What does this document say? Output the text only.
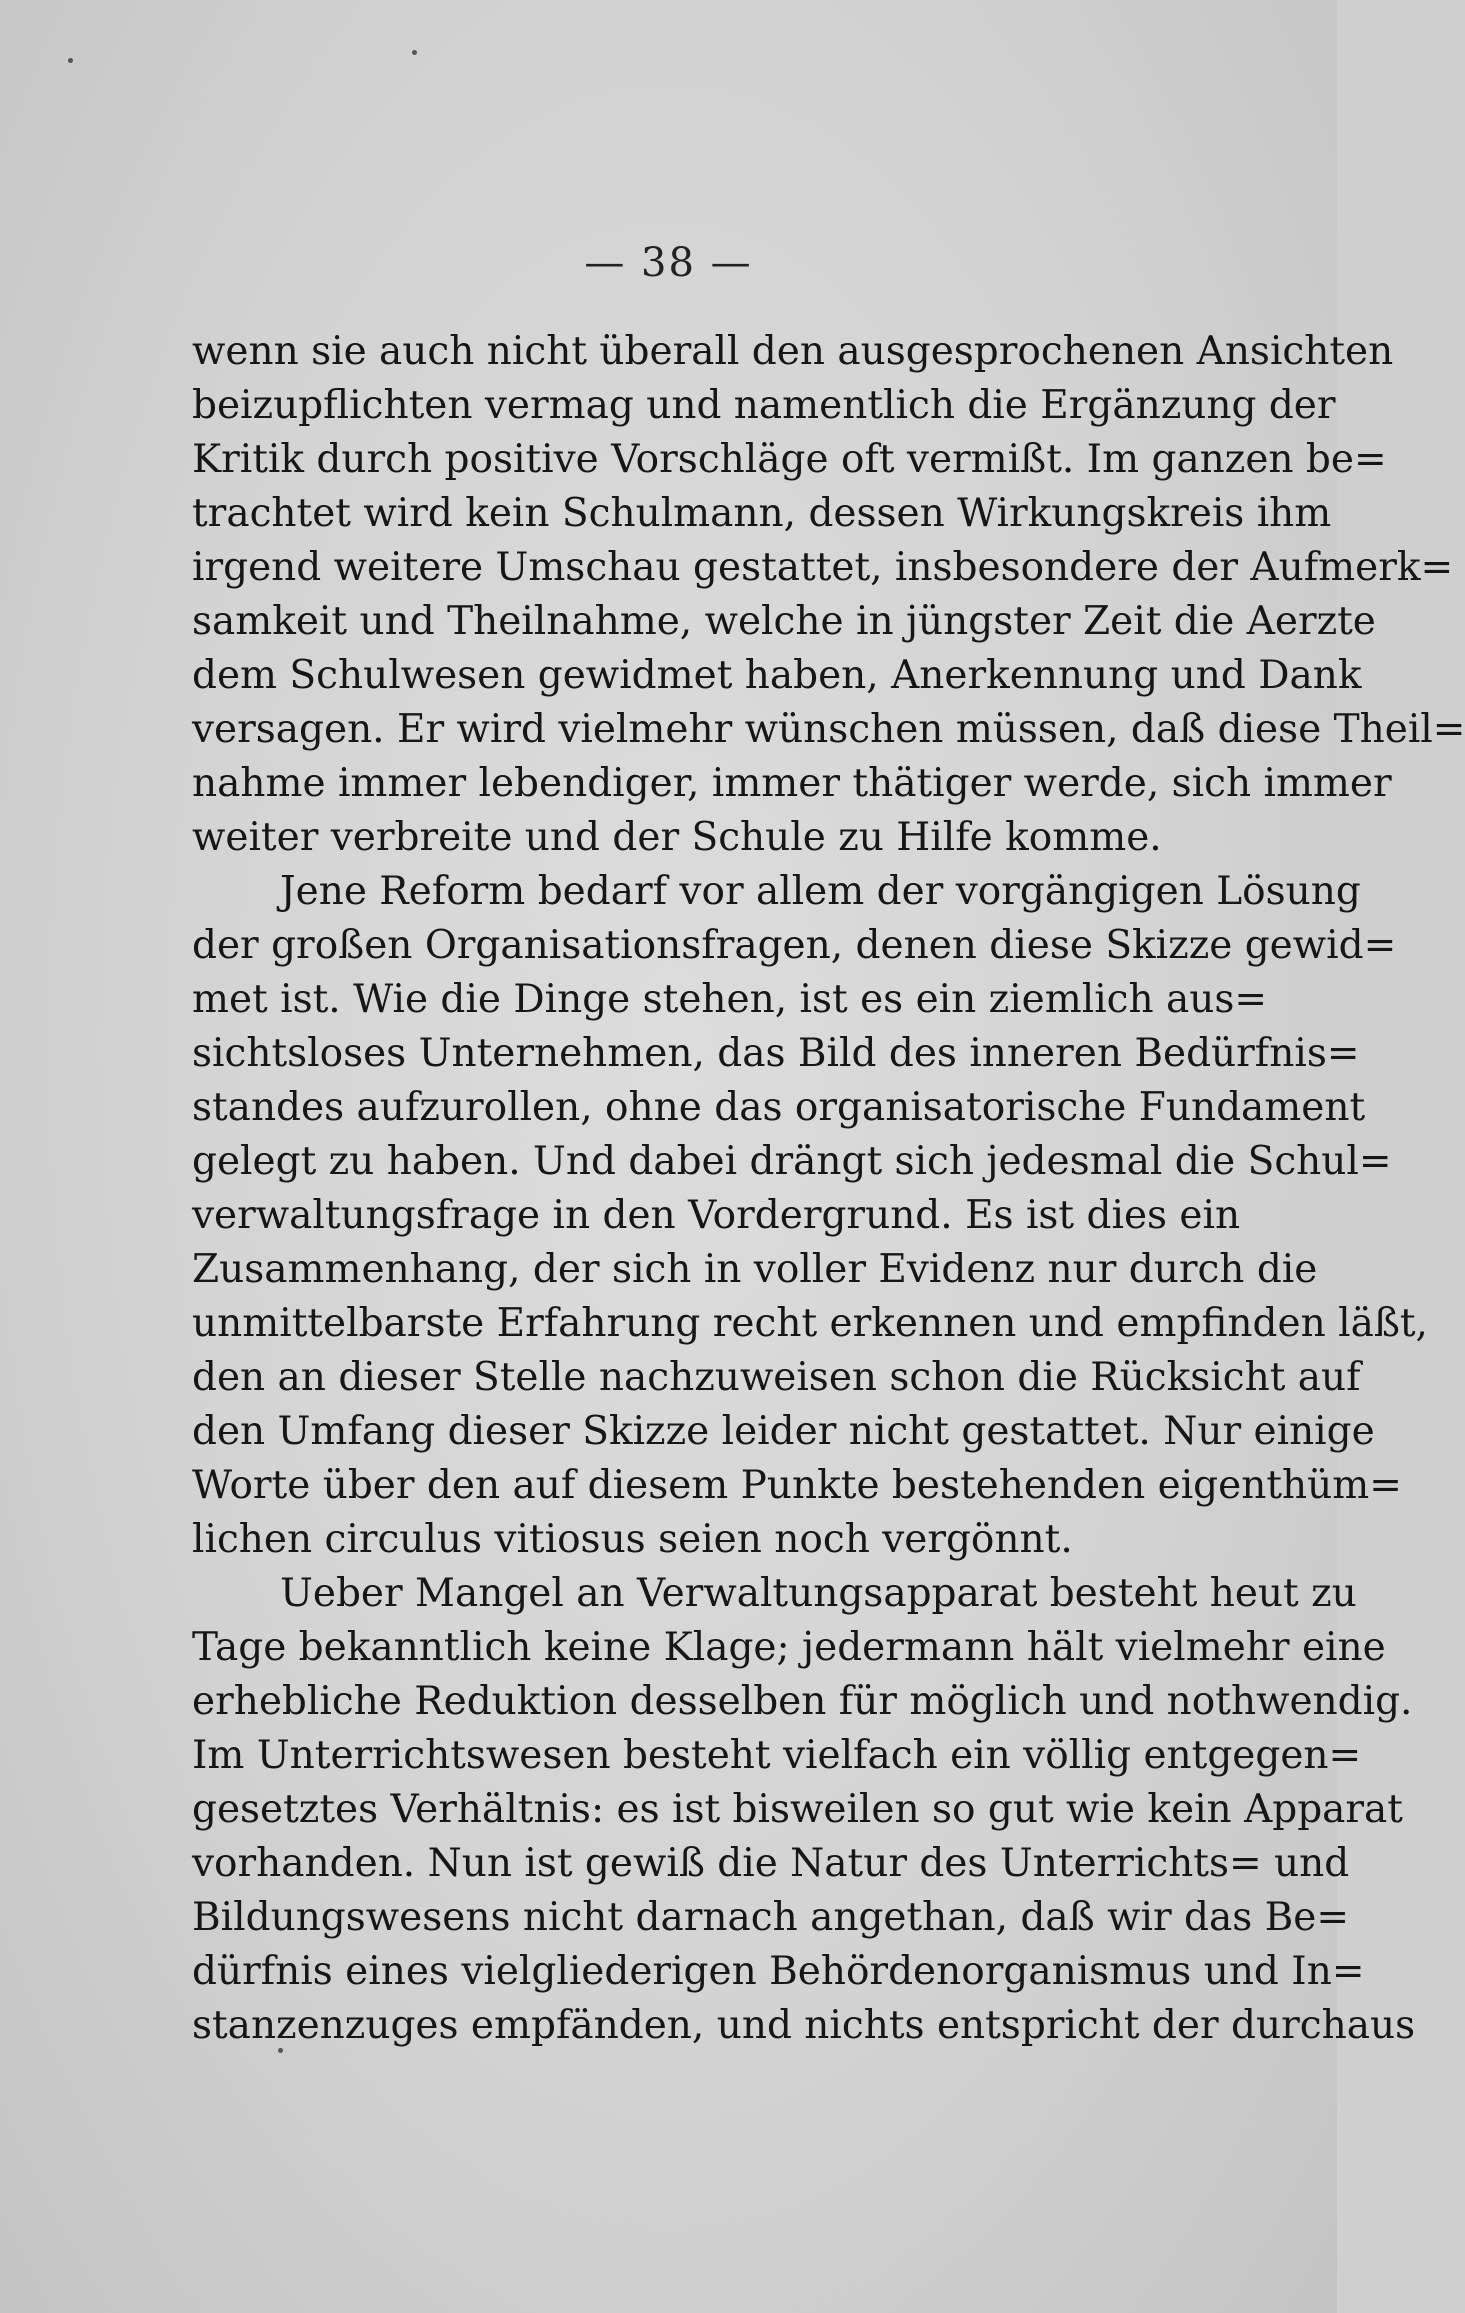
— 38 —
wenn sie auch nicht überall den ausgesprochenen Ansichten
beizupflichten vermag und namentlich die Ergänzung der
Kritik durch positive Vorschläge oft vermißt. Im ganzen be=
trachtet wird kein Schulmann, dessen Wirkungskreis ihm
irgend weitere Umschau gestattet, insbesondere der Aufmerk=
samkeit und Theilnahme, welche in jüngster Zeit die Aerzte
dem Schulwesen gewidmet haben, Anerkennung und Dank
versagen. Er wird vielmehr wünschen müssen, daß diese Theil=
nahme immer lebendiger, immer thätiger werde, sich immer
weiter verbreite und der Schule zu Hilfe komme.
Jene Reform bedarf vor allem der vorgängigen Lösung
der großen Organisationsfragen, denen diese Skizze gewid=
met ist. Wie die Dinge stehen, ist es ein ziemlich aus=
sichtsloses Unternehmen, das Bild des inneren Bedürfnis=
standes aufzurollen, ohne das organisatorische Fundament
gelegt zu haben. Und dabei drängt sich jedesmal die Schul=
verwaltungsfrage in den Vordergrund. Es ist dies ein
Zusammenhang, der sich in voller Evidenz nur durch die
unmittelbarste Erfahrung recht erkennen und empfinden läßt,
den an dieser Stelle nachzuweisen schon die Rücksicht auf
den Umfang dieser Skizze leider nicht gestattet. Nur einige
Worte über den auf diesem Punkte bestehenden eigenthüm=
lichen circulus vitiosus seien noch vergönnt.
Ueber Mangel an Verwaltungsapparat besteht heut zu
Tage bekanntlich keine Klage; jedermann hält vielmehr eine
erhebliche Reduktion desselben für möglich und nothwendig.
Im Unterrichtswesen besteht vielfach ein völlig entgegen=
gesetztes Verhältnis: es ist bisweilen so gut wie kein Apparat
vorhanden. Nun ist gewiß die Natur des Unterrichts= und
Bildungswesens nicht darnach angethan, daß wir das Be=
dürfnis eines vielgliederigen Behördenorganismus und In=
stanzenzuges empfänden, und nichts entspricht der durchaus
